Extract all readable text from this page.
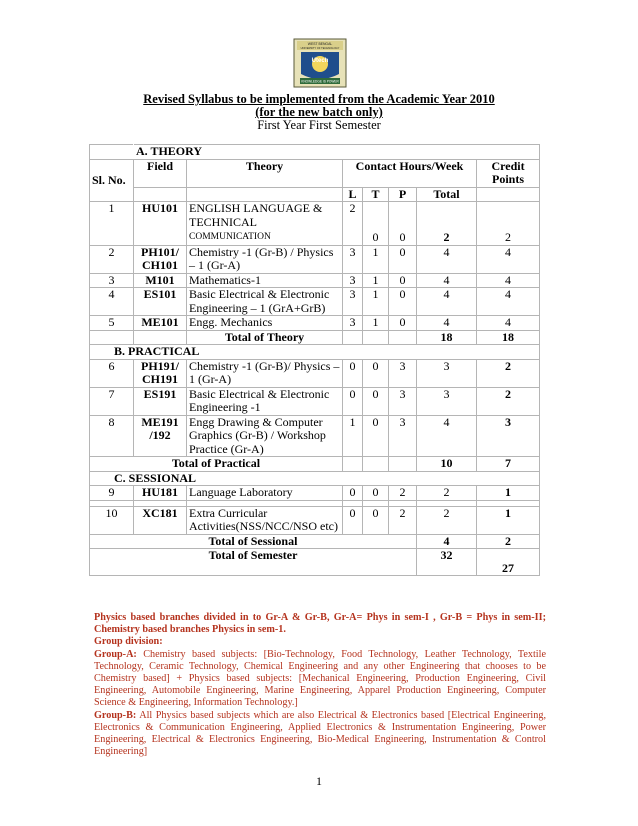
WEST BENGAL
UNIVERSITY OF TECHNOLOGY
Utech
KNOWLEDGE IS POWER
Revised Syllabus to be implemented from the Academic Year 2010
(for the new batch only)
First Year First Semester
	A. THEORY						
Sl. No.	Field	Theory	Contact Hours/Week				Credit Points
			L	T	P	Total	
1	HU101	ENGLISH LANGUAGE & TECHNICAL
COMMUNICATION	2	0	0	2	2
2	PH101/ CH101	Chemistry -1 (Gr-B) / Physics – 1 (Gr-A)	3	1	0	4	4
3	M101	Mathematics-1	3	1	0	4	4
4	ES101	Basic Electrical & Electronic Engineering – 1 (GrA+GrB)	3	1	0	4	4
5	ME101	Engg. Mechanics	3	1	0	4	4
		Total of Theory				18	18
B. PRACTICAL							
6	PH191/ CH191	Chemistry -1 (Gr-B)/ Physics – 1 (Gr-A)	0	0	3	3	2
7	ES191	Basic Electrical & Electronic Engineering -1	0	0	3	3	2
8	ME191 /192	Engg Drawing & Computer Graphics (Gr-B) / Workshop Practice (Gr-A)	1	0	3	4	3
Total of Practical						10	7
C. SESSIONAL							
9	HU181	Language Laboratory	0	0	2	2	1

10	XC181	Extra Curricular Activities(NSS/NCC/NSO etc)	0	0	2	2	1
Total of Sessional						4	2
Total of Semester						32	27

Physics based branches divided in to Gr-A & Gr-B, Gr-A= Phys in sem-I , Gr-B = Phys in sem-II; Chemistry based branches Physics in sem-1.

Group division:

Group-A: Chemistry based subjects: [Bio-Technology, Food Technology, Leather Technology, Textile Technology, Ceramic Technology, Chemical Engineering and any other Engineering that chooses to be Chemistry based] + Physics based subjects: [Mechanical Engineering, Production Engineering, Civil Engineering, Automobile Engineering, Marine Engineering, Apparel Production Engineering, Computer Science & Engineering, Information Technology.]

Group-B: All Physics based subjects which are also Electrical & Electronics based [Electrical Engineering, Electronics & Communication Engineering, Applied Electronics & Instrumentation Engineering, Power Engineering, Electrical & Electronics Engineering, Bio-Medical Engineering, Instrumentation & Control Engineering]

1
